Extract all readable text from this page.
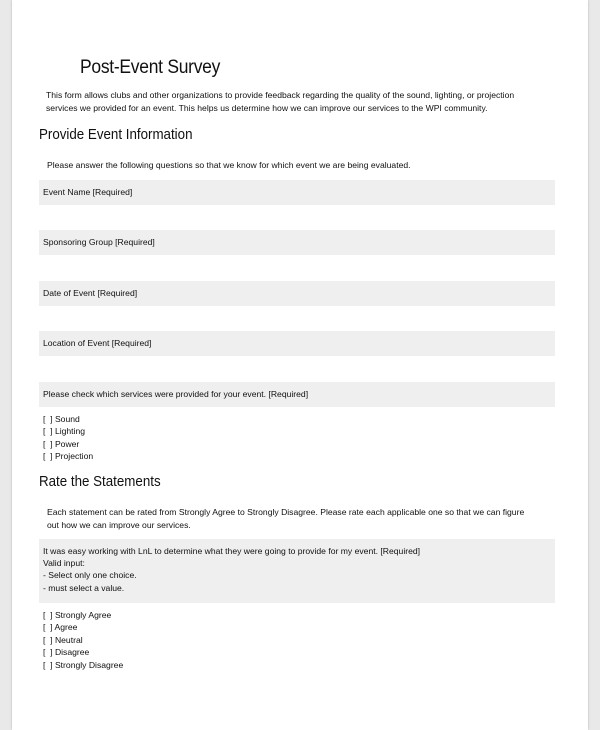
Post-Event Survey
This form allows clubs and other organizations to provide feedback regarding the quality of the sound, lighting, or projection services we provided for an event. This helps us determine how we can improve our services to the WPI community.
Provide Event Information
Please answer the following questions so that we know for which event we are being evaluated.
Event Name [Required]
Sponsoring Group [Required]
Date of Event [Required]
Location of Event [Required]
Please check which services were provided for your event. [Required]
[  ] Sound
[  ] Lighting
[  ] Power
[  ] Projection
Rate the Statements
Each statement can be rated from Strongly Agree to Strongly Disagree. Please rate each applicable one so that we can figure out how we can improve our services.
It was easy working with LnL to determine what they were going to provide for my event. [Required]
Valid input:
- Select only one choice.
- must select a value.
[  ] Strongly Agree
[  ] Agree
[  ] Neutral
[  ] Disagree
[  ] Strongly Disagree
